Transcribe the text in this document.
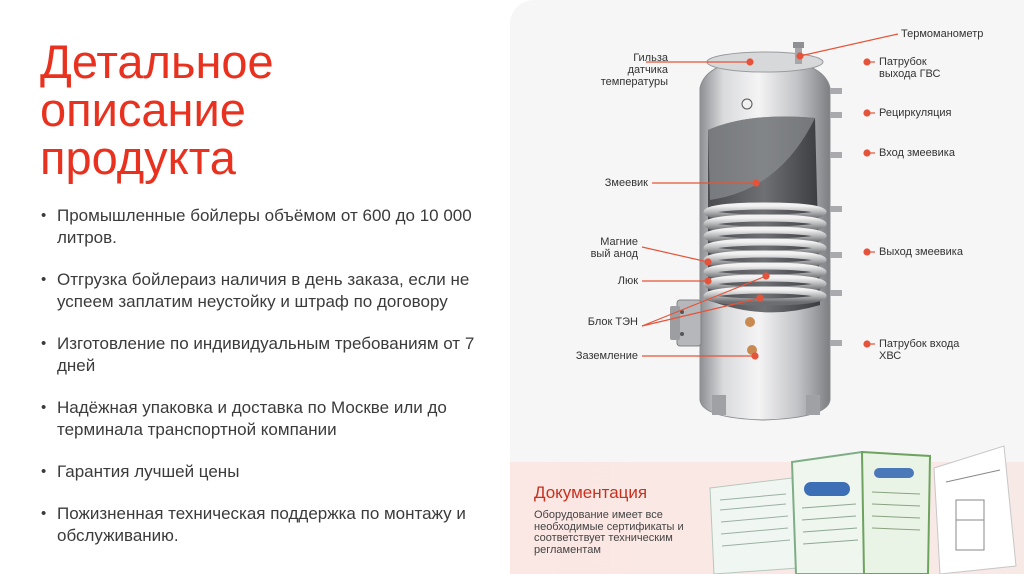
Детальное
описание
продукта
• Промышленные бойлеры объёмом от 600 до 10 000 литров.
• Отгрузка бойлераиз наличия в день заказа, если не успеем заплатим неустойку и штраф по договору
• Изготовление по индивидуальным требованиям от 7 дней
• Надёжная упаковка и доставка по Москве или до терминала транспортной компании
• Гарантия лучшей цены
• Пожизненная техническая поддержка по монтажу и обслуживанию.
Гильза
датчика
температуры
Змеевик
Магние
вый анод
Люк
Блок ТЭН
Заземление
Термоманометр
Патрубок
выхода ГВС
Рециркуляция
Вход змеевика
Выход змеевика
Патрубок входа
ХВС
Документация
Оборудование имеет все необходимые сертификаты и соответствует техническим регламентам
